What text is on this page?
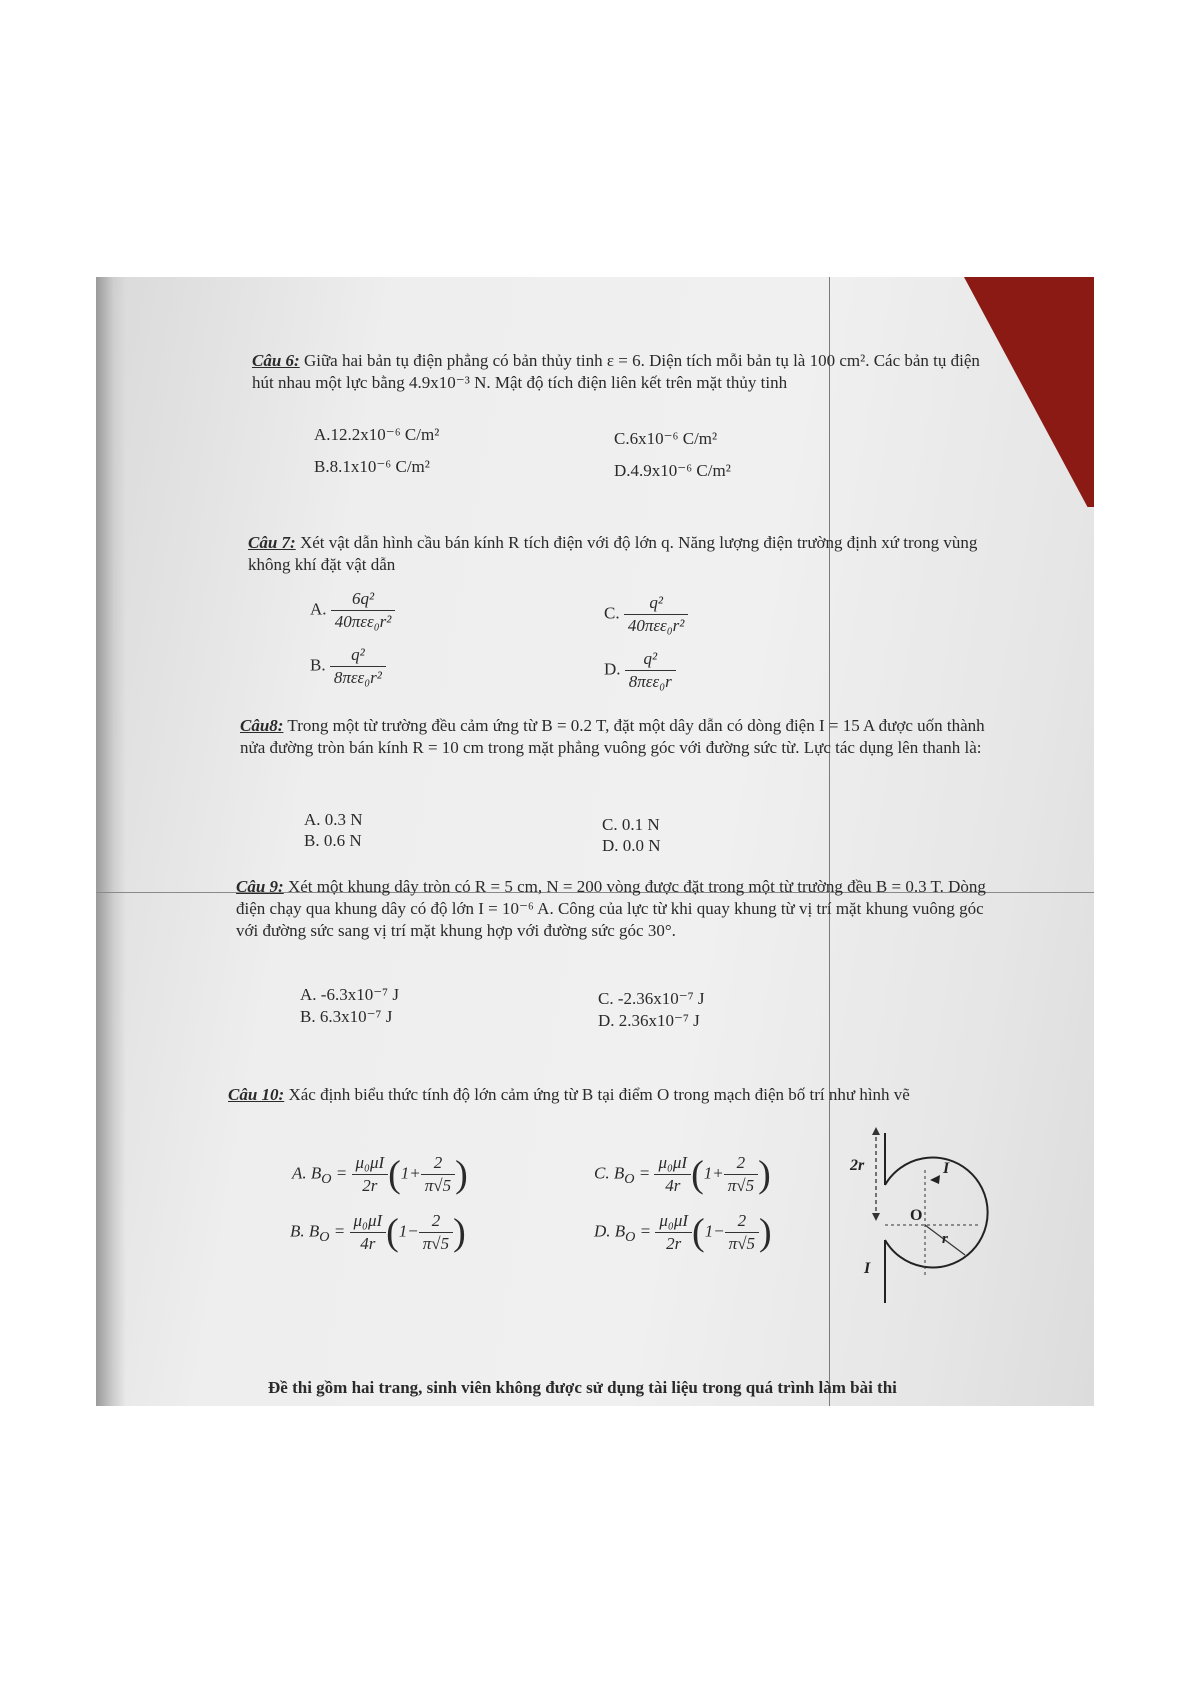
Câu 6: Giữa hai bản tụ điện phẳng có bản thủy tinh ε = 6. Diện tích mỗi bản tụ là 100 cm². Các bản tụ điện hút nhau một lực bằng 4.9x10⁻³ N. Mật độ tích điện liên kết trên mặt thủy tinh
A.12.2x10⁻⁶ C/m²
B.8.1x10⁻⁶ C/m²
C.6x10⁻⁶ C/m²
D.4.9x10⁻⁶ C/m²
Câu 7: Xét vật dẫn hình cầu bán kính R tích điện với độ lớn q. Năng lượng điện trường định xứ trong vùng không khí đặt vật dẫn
A. $\frac{\text{6q²}}{\text{40πεε₀r²}}$
B. $\frac{\text{q²}}{\text{8πεε₀r²}}$
C. $\frac{\text{q²}}{\text{40πεε₀r²}}$
D. $\frac{\text{q²}}{\text{8πεε₀r}}$
Câu8: Trong một từ trường đều cảm ứng từ B = 0.2 T, đặt một dây dẫn có dòng điện I = 15 A được uốn thành nửa đường tròn bán kính R = 10 cm trong mặt phẳng vuông góc với đường sức từ. Lực tác dụng lên thanh là:
A. 0.3 N
B. 0.6 N
C. 0.1 N
D. 0.0 N
Câu 9: Xét một khung dây tròn có R = 5 cm, N = 200 vòng được đặt trong một từ trường đều B = 0.3 T. Dòng điện chạy qua khung dây có độ lớn I = 10⁻⁶ A. Công của lực từ khi quay khung từ vị trí mặt khung vuông góc với đường sức sang vị trí mặt khung hợp với đường sức góc 30°.
A. -6.3x10⁻⁷ J
B. 6.3x10⁻⁷ J
C. -2.36x10⁻⁷ J
D. 2.36x10⁻⁷ J
Câu 10: Xác định biểu thức tính độ lớn cảm ứng từ B tại điểm O trong mạch điện bố trí như hình vẽ
A. $B_O = \frac{\text{μ₀μI}}{2r} (1+ \frac{2}{\pi√5}$ )
B. $B_O = \frac{\text{μ₀μI}}{4r} (1- \frac{2}{\pi√5}$ )
C. $B_O = \frac{\text{μ₀μI}}{4r} (1+ \frac{2}{\pi√5}$ )
D. $B_O = \frac{\text{μ₀μI}}{2r} (1- \frac{2}{\pi√5}$ )
2r	I
O
r
I
Đề thi gồm hai trang, sinh viên không được sử dụng tài liệu trong quá trình làm bài thi
